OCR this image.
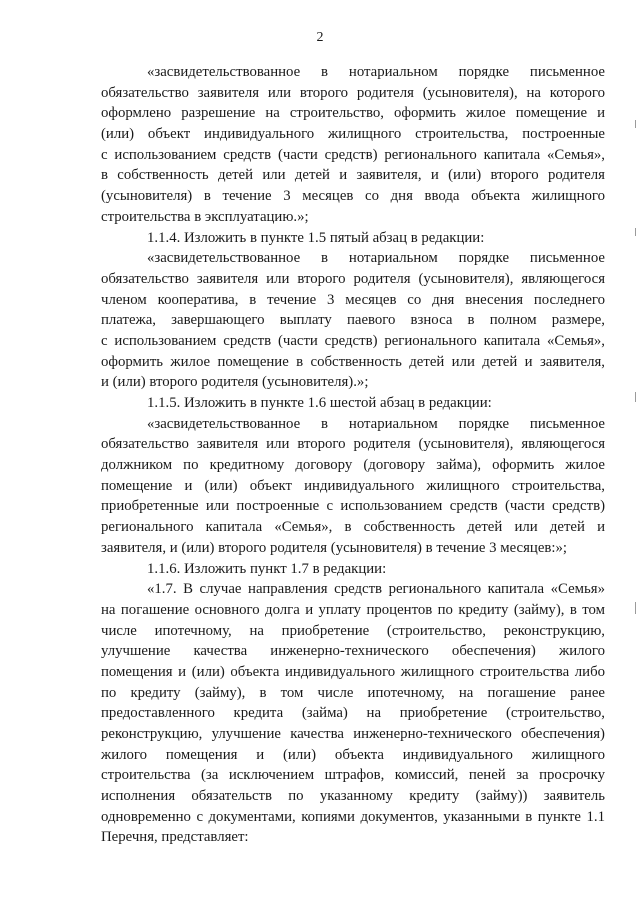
2
«засвидетельствованное в нотариальном порядке письменное
обязательство заявителя или второго родителя (усыновителя), на которого
оформлено разрешение на строительство, оформить жилое помещение и
(или) объект индивидуального жилищного строительства, построенные
с использованием средств (части средств) регионального капитала «Семья»,
в собственность детей или детей и заявителя, и (или) второго родителя
(усыновителя) в течение 3 месяцев со дня ввода объекта жилищного
строительства в эксплуатацию.»;
1.1.4. Изложить в пункте 1.5 пятый абзац в редакции:
«засвидетельствованное в нотариальном порядке письменное
обязательство заявителя или второго родителя (усыновителя), являющегося
членом кооператива, в течение 3 месяцев со дня внесения последнего
платежа, завершающего выплату паевого взноса в полном размере,
с использованием средств (части средств) регионального капитала «Семья»,
оформить жилое помещение в собственность детей или детей и заявителя,
и (или) второго родителя (усыновителя).»;
1.1.5. Изложить в пункте 1.6 шестой абзац в редакции:
«засвидетельствованное в нотариальном порядке письменное
обязательство заявителя или второго родителя (усыновителя), являющегося
должником по кредитному договору (договору займа), оформить жилое
помещение и (или) объект индивидуального жилищного строительства,
приобретенные или построенные с использованием средств (части средств)
регионального капитала «Семья», в собственность детей или детей и
заявителя, и (или) второго родителя (усыновителя) в течение 3 месяцев:»;
1.1.6. Изложить пункт 1.7 в редакции:
«1.7. В случае направления средств регионального капитала «Семья»
на погашение основного долга и уплату процентов по кредиту (займу), в том
числе ипотечному, на приобретение (строительство, реконструкцию,
улучшение качества инженерно-технического обеспечения) жилого
помещения и (или) объекта индивидуального жилищного строительства либо
по кредиту (займу), в том числе ипотечному, на погашение ранее
предоставленного кредита (займа) на приобретение (строительство,
реконструкцию, улучшение качества инженерно-технического обеспечения)
жилого помещения и (или) объекта индивидуального жилищного
строительства (за исключением штрафов, комиссий, пеней за просрочку
исполнения обязательств по указанному кредиту (займу)) заявитель
одновременно с документами, копиями документов, указанными в пункте 1.1
Перечня, представляет:
